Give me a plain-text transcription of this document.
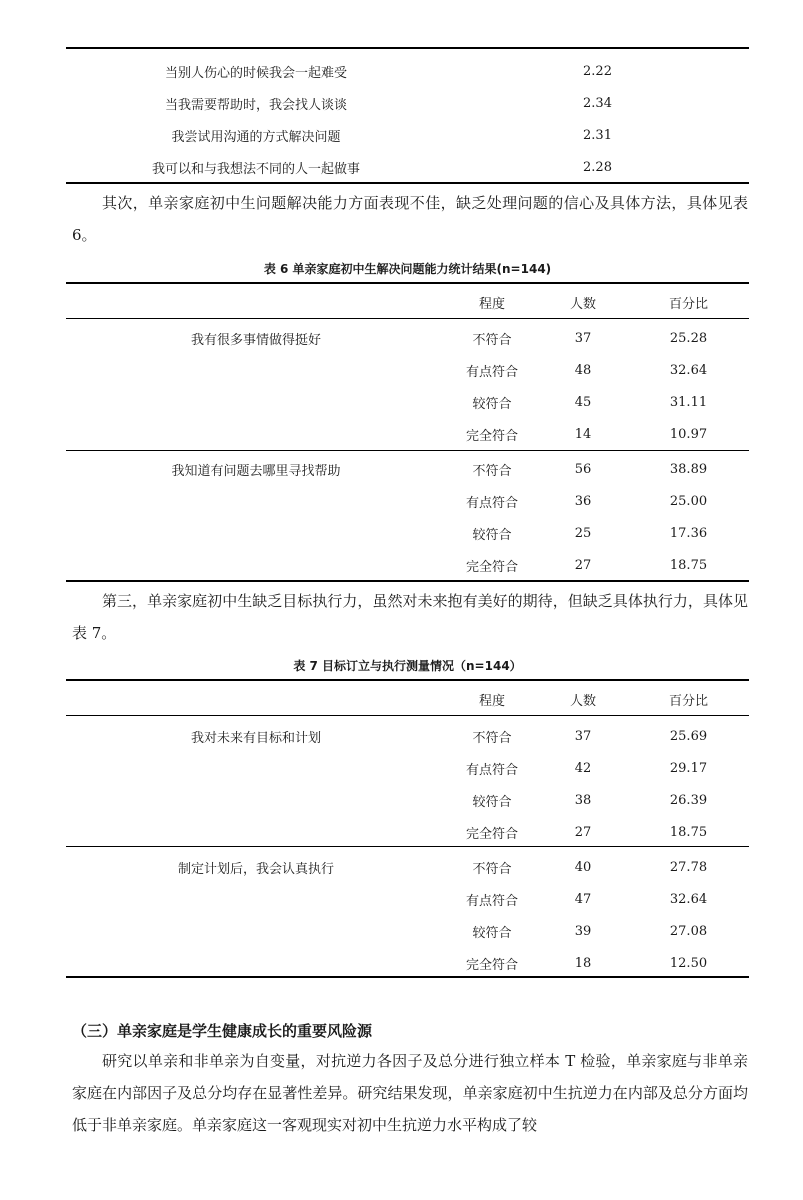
当别人伤心的时候我会一起难受	2.22
当我需要帮助时，我会找人谈谈	2.34
我尝试用沟通的方式解决问题	2.31
我可以和与我想法不同的人一起做事	2.28

其次，单亲家庭初中生问题解决能力方面表现不佳，缺乏处理问题的信心及具体方法，具体见表 6。

表 6 单亲家庭初中生解决问题能力统计结果(n=144)
	程度	人数	百分比
我有很多事情做得挺好	不符合	37	25.28
	有点符合	48	32.64
	较符合	45	31.11
	完全符合	14	10.97
我知道有问题去哪里寻找帮助	不符合	56	38.89
	有点符合	36	25.00
	较符合	25	17.36
	完全符合	27	18.75

第三，单亲家庭初中生缺乏目标执行力，虽然对未来抱有美好的期待，但缺乏具体执行力，具体见表 7。

表 7 目标订立与执行测量情况（n=144）
	程度	人数	百分比
我对未来有目标和计划	不符合	37	25.69
	有点符合	42	29.17
	较符合	38	26.39
	完全符合	27	18.75
制定计划后，我会认真执行	不符合	40	27.78
	有点符合	47	32.64
	较符合	39	27.08
	完全符合	18	12.50
（三）单亲家庭是学生健康成长的重要风险源

研究以单亲和非单亲为自变量，对抗逆力各因子及总分进行独立样本 T 检验，单亲家庭与非单亲家庭在内部因子及总分均存在显著性差异。研究结果发现，单亲家庭初中生抗逆力在内部及总分方面均低于非单亲家庭。单亲家庭这一客观现实对初中生抗逆力水平构成了较
